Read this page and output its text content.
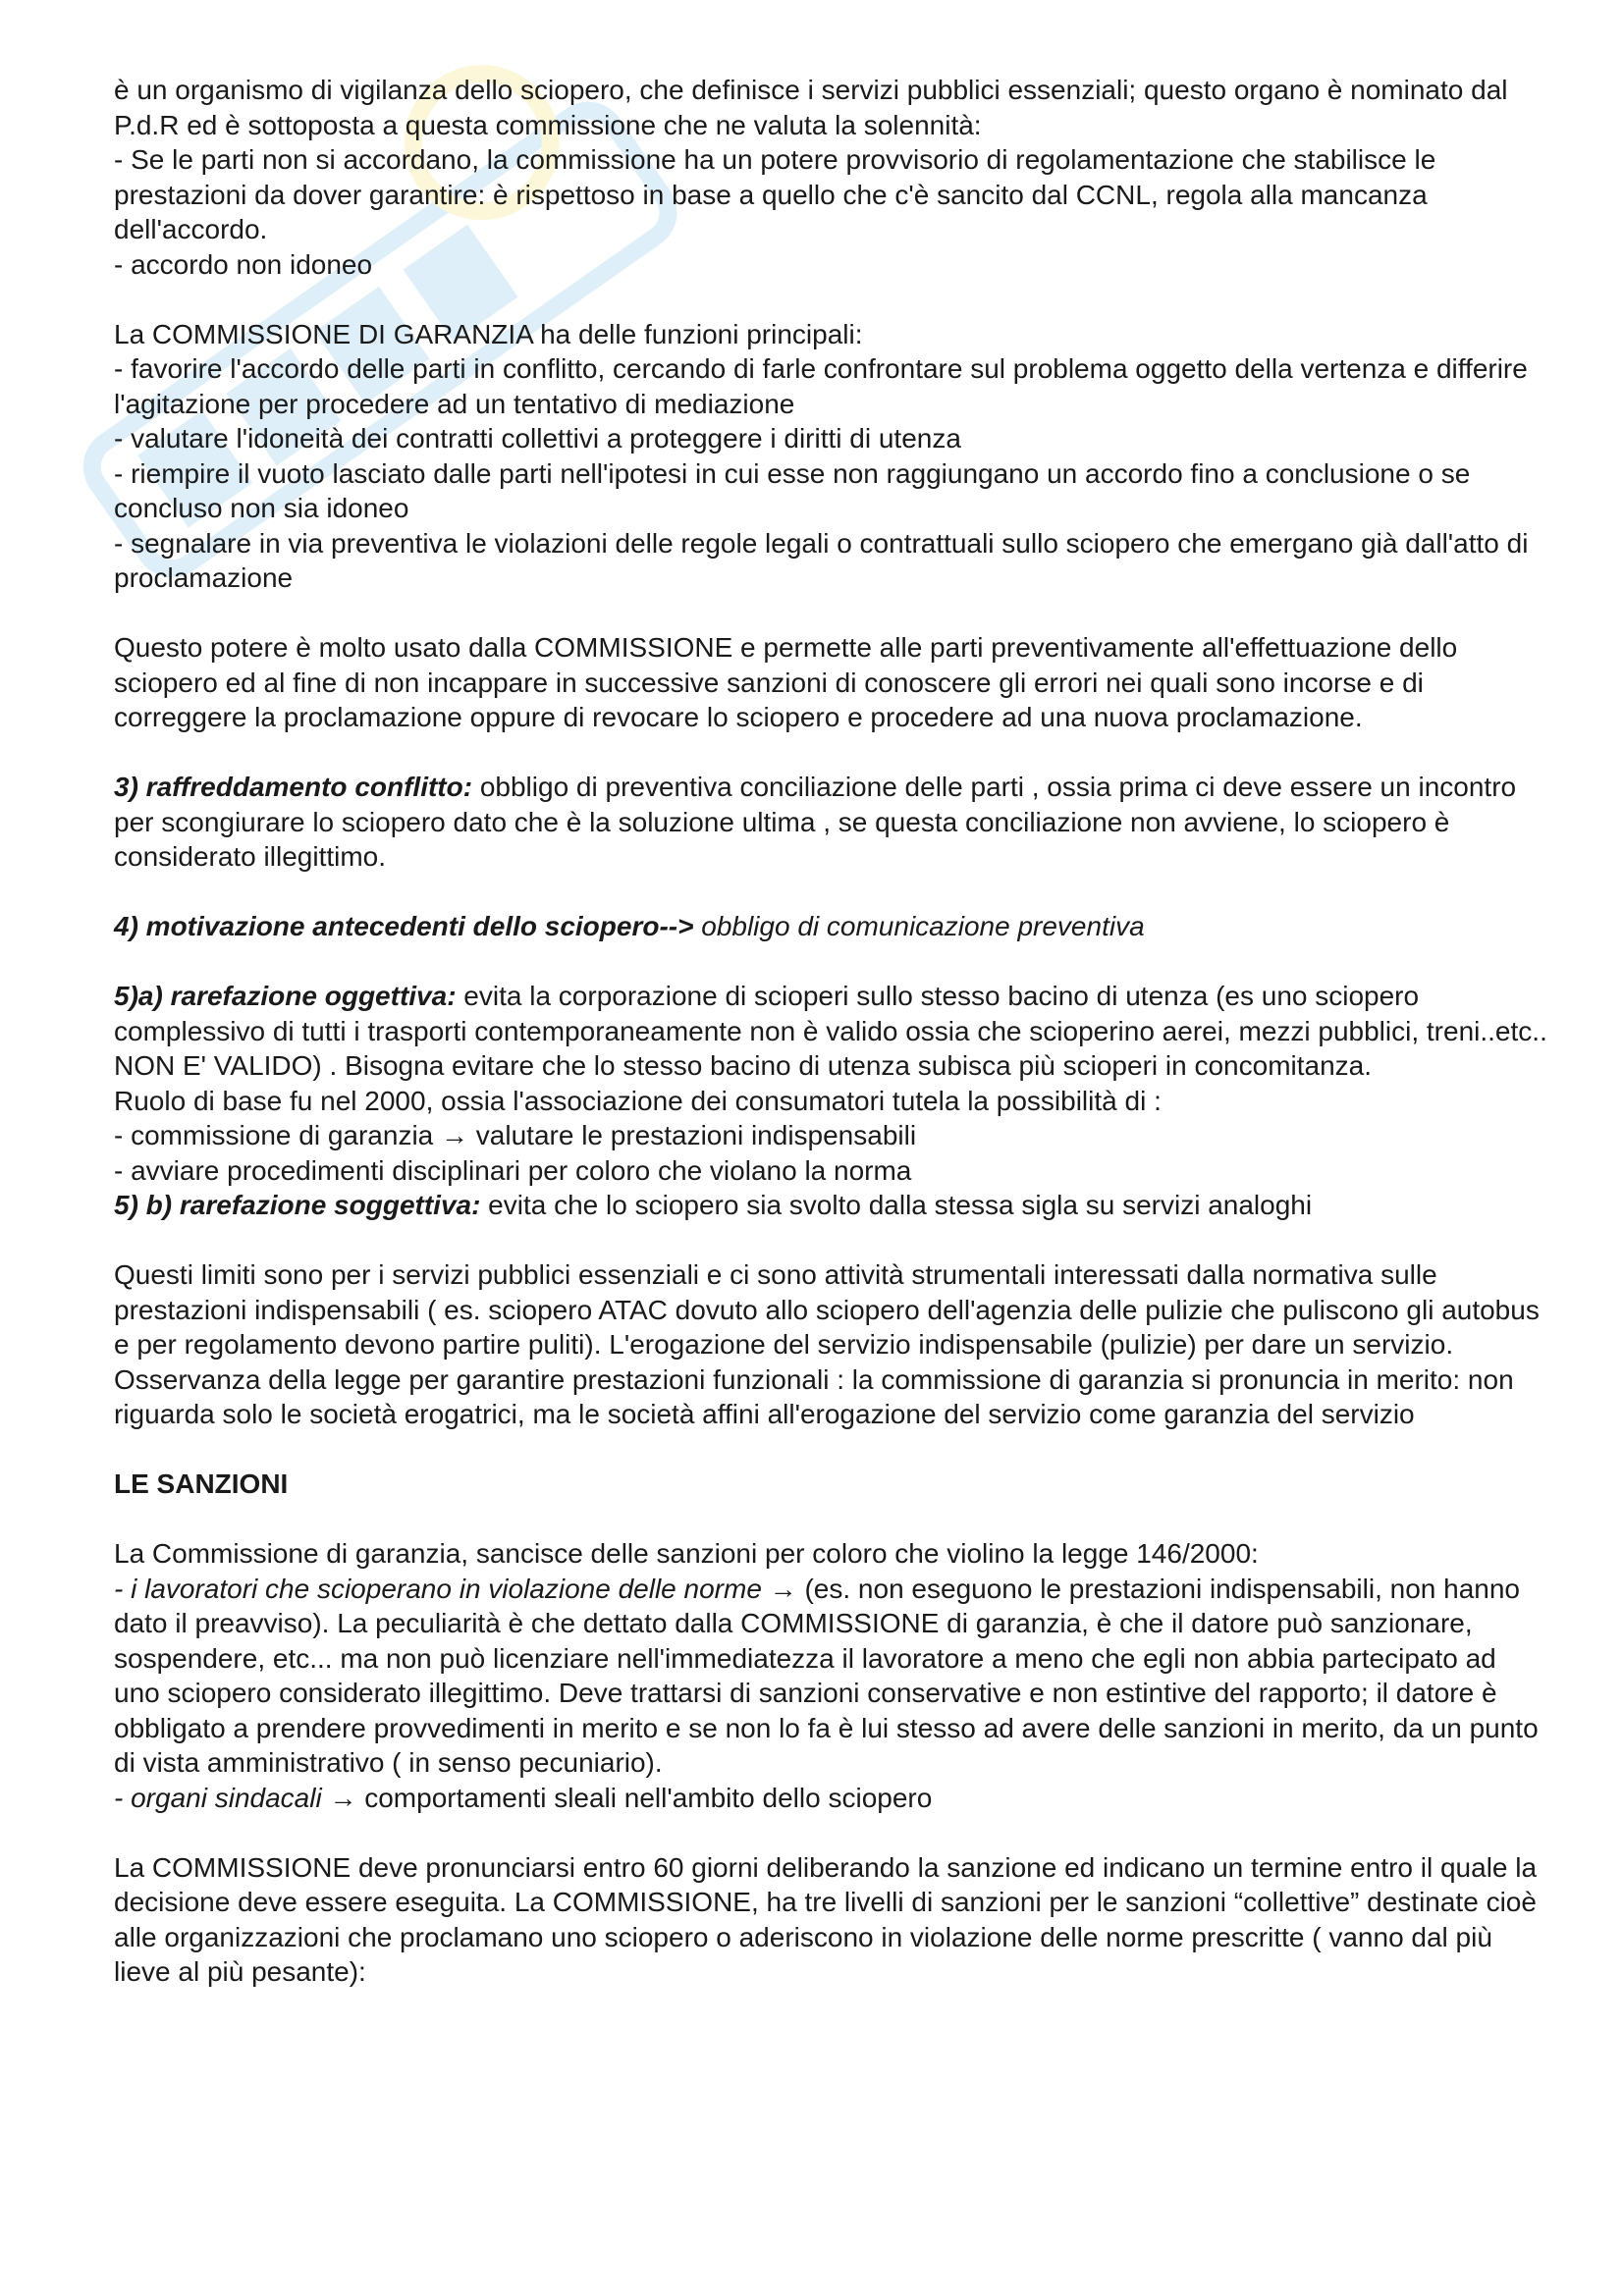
è un organismo di vigilanza dello sciopero, che definisce i servizi pubblici essenziali; questo organo è nominato dal P.d.R ed è sottoposta a questa commissione che ne valuta la solennità:

- Se le parti non si accordano, la commissione ha un potere provvisorio di regolamentazione che stabilisce le prestazioni da dover garantire: è rispettoso in base a quello che c'è sancito dal CCNL, regola alla mancanza dell'accordo.

- accordo non idoneo

La COMMISSIONE DI GARANZIA ha delle funzioni principali:

- favorire l'accordo delle parti in conflitto, cercando di farle confrontare sul problema oggetto della vertenza e differire l'agitazione per procedere ad un tentativo di mediazione

- valutare l'idoneità dei contratti collettivi a proteggere i diritti di utenza

- riempire il vuoto lasciato dalle parti nell'ipotesi in cui esse non raggiungano un accordo fino a conclusione o se concluso non sia idoneo

- segnalare in via preventiva le violazioni delle regole legali o contrattuali sullo sciopero che emergano già dall'atto di proclamazione

Questo potere è molto usato dalla COMMISSIONE e permette alle parti preventivamente all'effettuazione dello sciopero ed al fine di non incappare in successive sanzioni di conoscere gli errori nei quali sono incorse e di correggere la proclamazione oppure di revocare lo sciopero e procedere ad una nuova proclamazione.

3) raffreddamento conflitto: obbligo di preventiva conciliazione delle parti , ossia prima ci deve essere un incontro per scongiurare lo sciopero dato che è la soluzione ultima , se questa conciliazione non avviene, lo sciopero è considerato illegittimo.

4) motivazione antecedenti dello sciopero--> obbligo di comunicazione preventiva

5)a) rarefazione oggettiva: evita la corporazione di scioperi sullo stesso bacino di utenza (es uno sciopero complessivo di tutti i trasporti contemporaneamente non è valido ossia che scioperino aerei, mezzi pubblici, treni..etc.. NON E' VALIDO) . Bisogna evitare che lo stesso bacino di utenza subisca più scioperi in concomitanza.

Ruolo di base fu nel 2000, ossia l'associazione dei consumatori tutela la possibilità di :

- commissione di garanzia → valutare le prestazioni indispensabili

- avviare procedimenti disciplinari per coloro che violano la norma

5) b) rarefazione soggettiva: evita che lo sciopero sia svolto dalla stessa sigla su servizi analoghi

Questi limiti sono per i servizi pubblici essenziali e ci sono attività strumentali interessati dalla normativa sulle prestazioni indispensabili ( es. sciopero ATAC dovuto allo sciopero dell'agenzia delle pulizie che puliscono gli autobus e per regolamento devono partire puliti). L'erogazione del servizio indispensabile (pulizie) per dare un servizio. Osservanza della legge per garantire prestazioni funzionali : la commissione di garanzia si pronuncia in merito: non riguarda solo le società erogatrici, ma le società affini all'erogazione del servizio come garanzia del servizio

LE SANZIONI

La Commissione di garanzia, sancisce delle sanzioni per coloro che violino la legge 146/2000:

- i lavoratori che scioperano in violazione delle norme → (es. non eseguono le prestazioni indispensabili, non hanno dato il preavviso). La peculiarità è che dettato dalla COMMISSIONE di garanzia, è che il datore può sanzionare, sospendere, etc... ma non può licenziare nell'immediatezza il lavoratore a meno che egli non abbia partecipato ad uno sciopero considerato illegittimo. Deve trattarsi di sanzioni conservative e non estintive del rapporto; il datore è obbligato a prendere provvedimenti in merito e se non lo fa è lui stesso ad avere delle sanzioni in merito, da un punto di vista amministrativo ( in senso pecuniario).

- organi sindacali → comportamenti sleali nell'ambito dello sciopero

La COMMISSIONE deve pronunciarsi entro 60 giorni deliberando la sanzione ed indicano un termine entro il quale la decisione deve essere eseguita. La COMMISSIONE, ha tre livelli di sanzioni per le sanzioni “collettive” destinate cioè alle organizzazioni che proclamano uno sciopero o aderiscono in violazione delle norme prescritte ( vanno dal più lieve al più pesante):
